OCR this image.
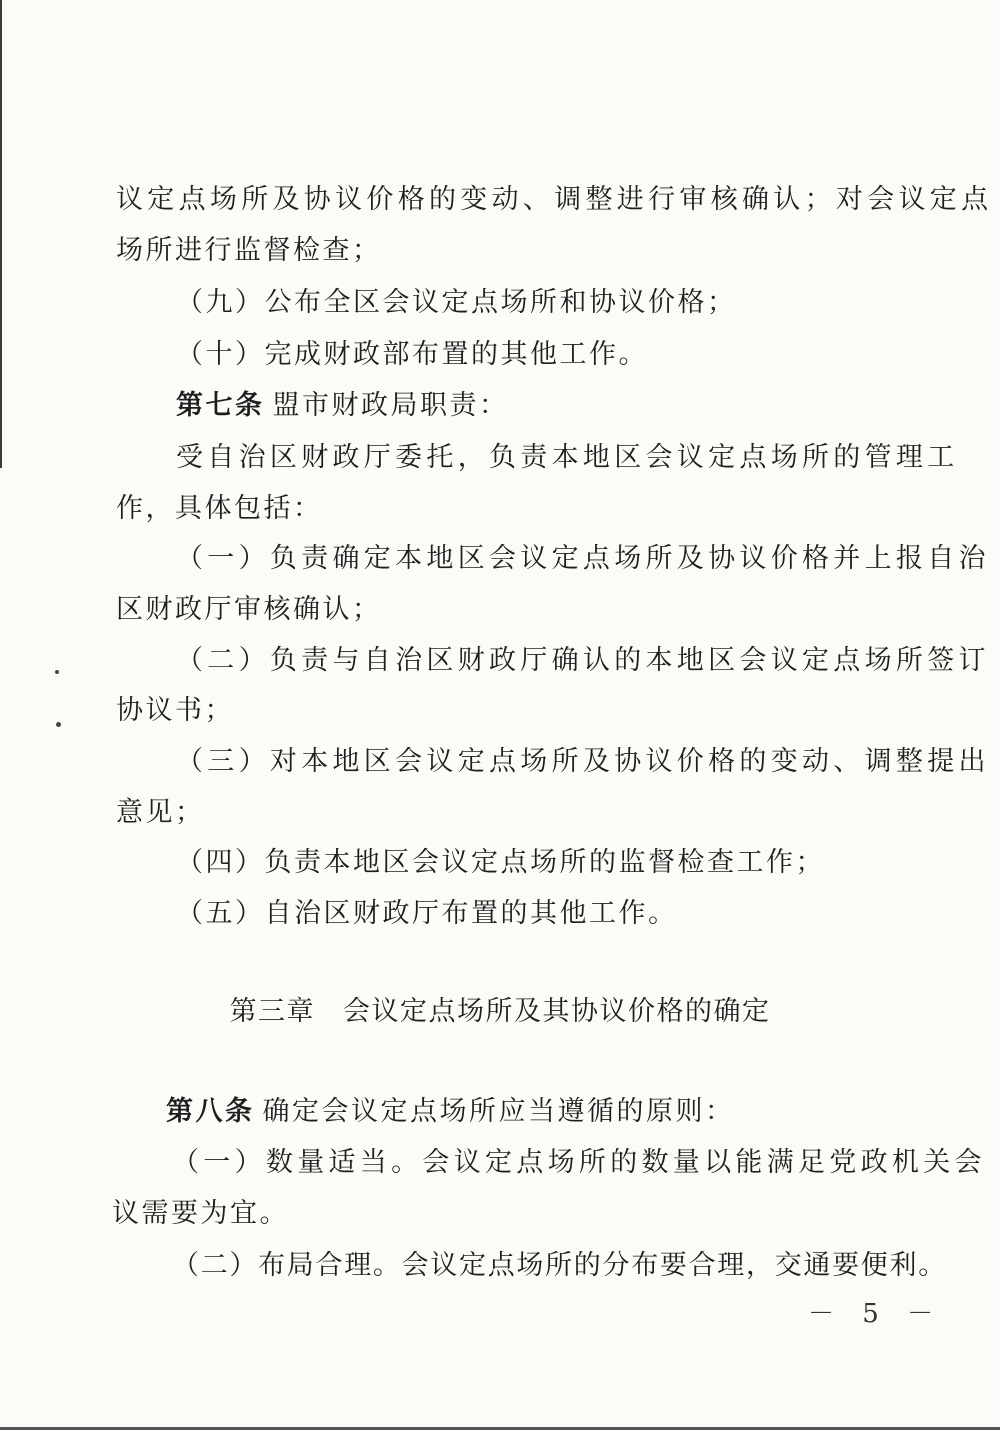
议定点场所及协议价格的变动、调整进行审核确认；对会议定点
场所进行监督检查；
（九）公布全区会议定点场所和协议价格；
（十）完成财政部布置的其他工作。
第七条 盟市财政局职责：
受自治区财政厅委托，负责本地区会议定点场所的管理工
作，具体包括：
（一）负责确定本地区会议定点场所及协议价格并上报自治
区财政厅审核确认；
（二）负责与自治区财政厅确认的本地区会议定点场所签订
协议书；
（三）对本地区会议定点场所及协议价格的变动、调整提出
意见；
（四）负责本地区会议定点场所的监督检查工作；
（五）自治区财政厅布置的其他工作。
第三章 会议定点场所及其协议价格的确定
第八条 确定会议定点场所应当遵循的原则：
（一）数量适当。会议定点场所的数量以能满足党政机关会
议需要为宜。
（二）布局合理。会议定点场所的分布要合理，交通要便利。
－ 5 －
